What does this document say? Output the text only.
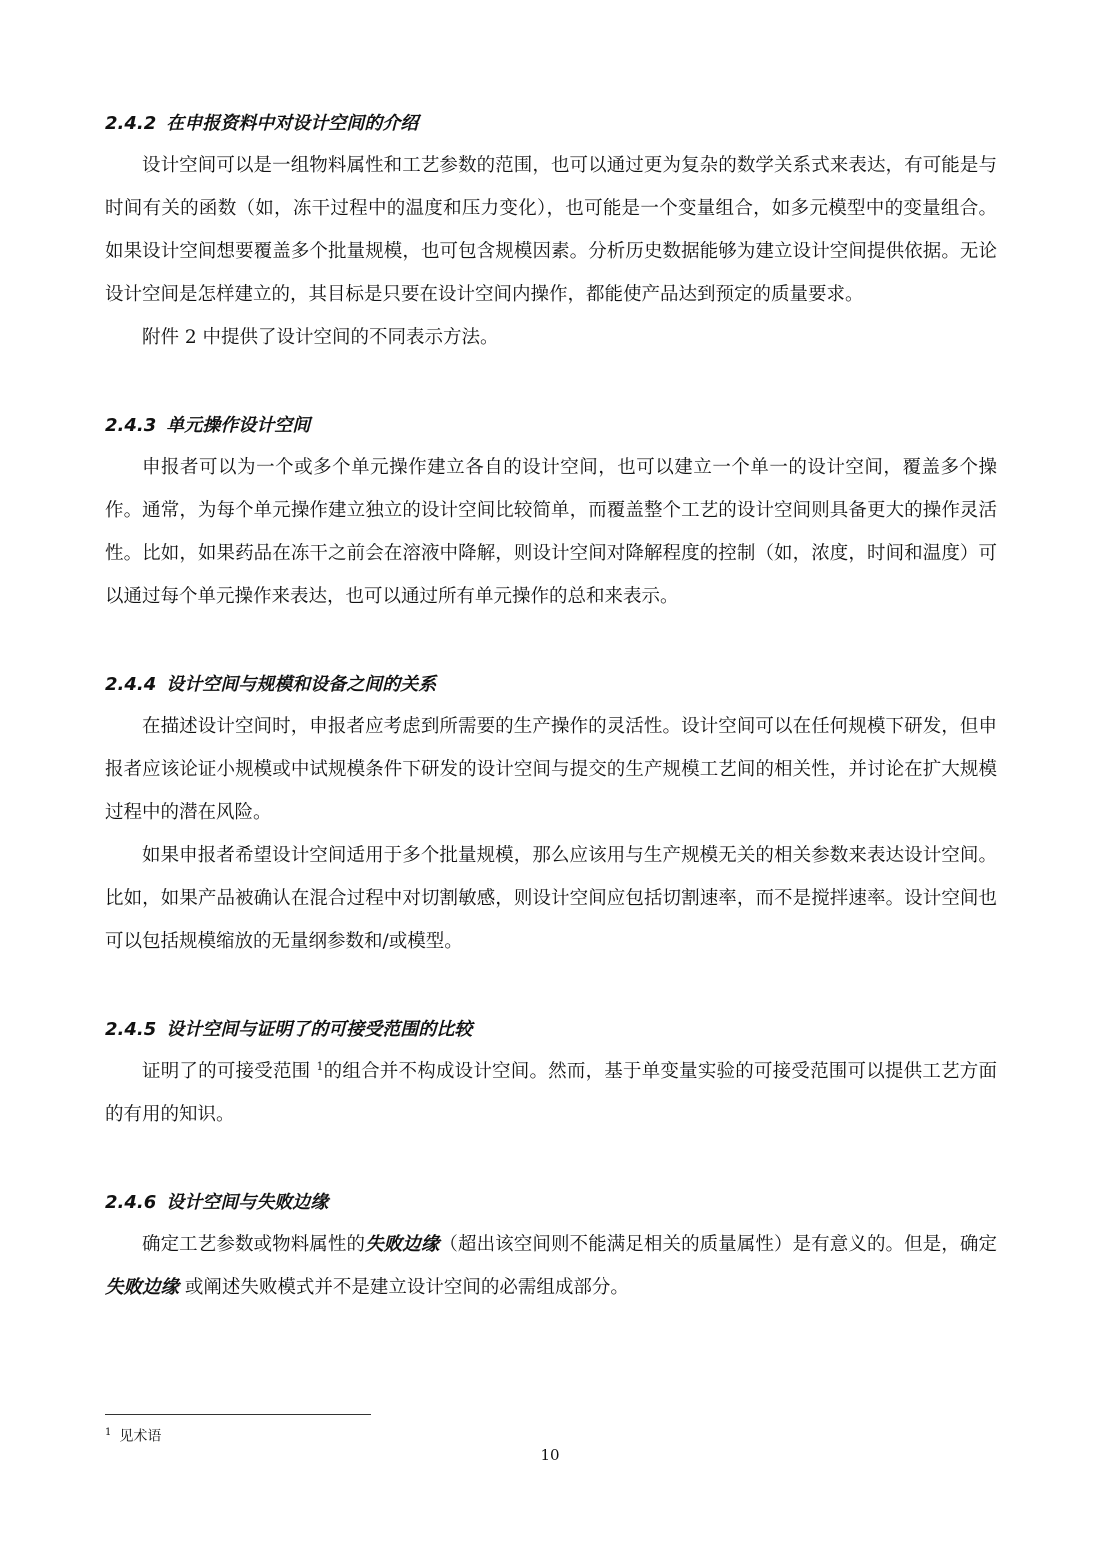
2.4.2 在申报资料中对设计空间的介绍

设计空间可以是一组物料属性和工艺参数的范围，也可以通过更为复杂的数学关系式来表达，有可能是与时间有关的函数（如，冻干过程中的温度和压力变化），也可能是一个变量组合，如多元模型中的变量组合。如果设计空间想要覆盖多个批量规模，也可包含规模因素。分析历史数据能够为建立设计空间提供依据。无论设计空间是怎样建立的，其目标是只要在设计空间内操作，都能使产品达到预定的质量要求。

附件 2 中提供了设计空间的不同表示方法。

2.4.3 单元操作设计空间

申报者可以为一个或多个单元操作建立各自的设计空间，也可以建立一个单一的设计空间，覆盖多个操作。通常，为每个单元操作建立独立的设计空间比较简单，而覆盖整个工艺的设计空间则具备更大的操作灵活性。比如，如果药品在冻干之前会在溶液中降解，则设计空间对降解程度的控制（如，浓度，时间和温度）可以通过每个单元操作来表达，也可以通过所有单元操作的总和来表示。

2.4.4 设计空间与规模和设备之间的关系

在描述设计空间时，申报者应考虑到所需要的生产操作的灵活性。设计空间可以在任何规模下研发，但申报者应该论证小规模或中试规模条件下研发的设计空间与提交的生产规模工艺间的相关性，并讨论在扩大规模过程中的潜在风险。

如果申报者希望设计空间适用于多个批量规模，那么应该用与生产规模无关的相关参数来表达设计空间。比如，如果产品被确认在混合过程中对切割敏感，则设计空间应包括切割速率，而不是搅拌速率。设计空间也可以包括规模缩放的无量纲参数和/或模型。

2.4.5 设计空间与证明了的可接受范围的比较

证明了的可接受范围 $^1$的组合并不构成设计空间。然而，基于单变量实验的可接受范围可以提供工艺方面的有用的知识。

2.4.6 设计空间与失败边缘

确定工艺参数或物料属性的失败边缘（超出该空间则不能满足相关的质量属性）是有意义的。但是，确定失败边缘 或阐述失败模式并不是建立设计空间的必需组成部分。

$^1$ 见术语
10
